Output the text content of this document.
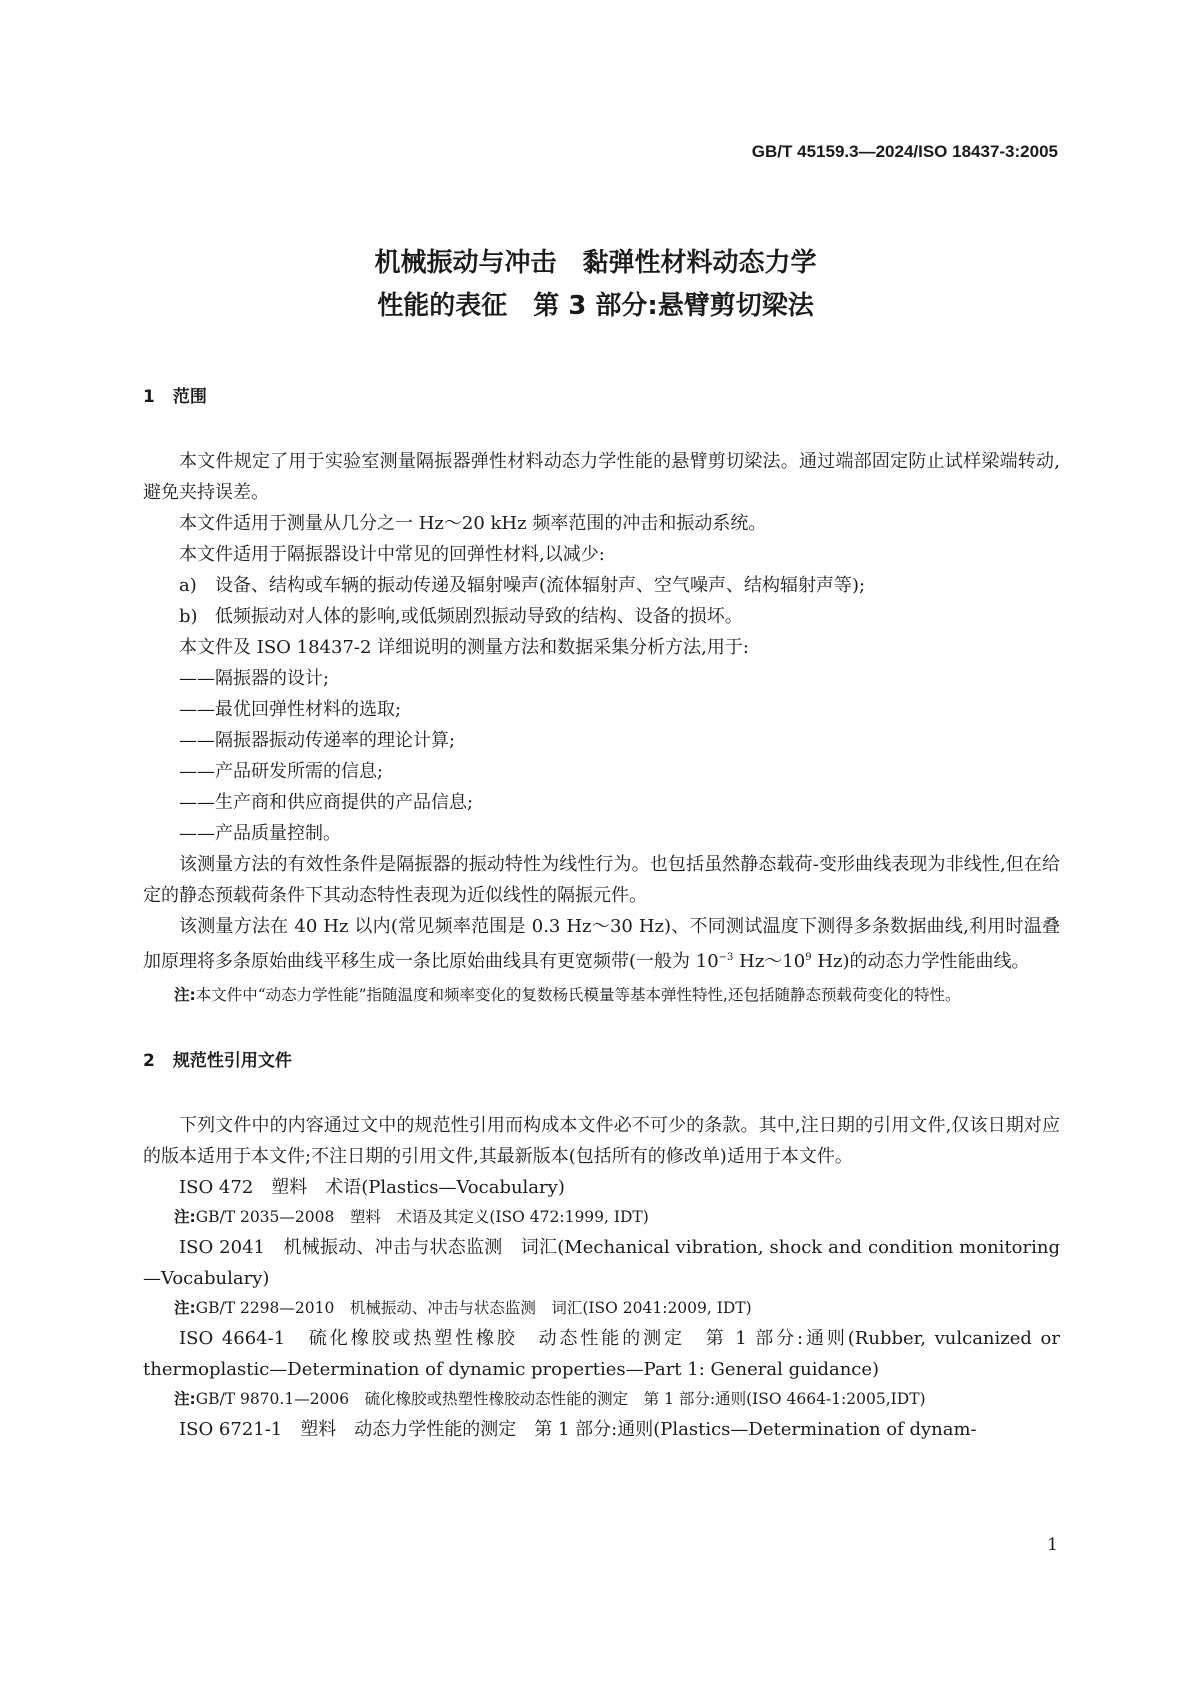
GB/T 45159.3—2024/ISO 18437-3:2005
机械振动与冲击　黏弹性材料动态力学
性能的表征　第 3 部分:悬臂剪切梁法
1 范围

本文件规定了用于实验室测量隔振器弹性材料动态力学性能的悬臂剪切梁法。通过端部固定防止试样梁端转动,避免夹持误差。

本文件适用于测量从几分之一 Hz～20 kHz 频率范围的冲击和振动系统。

本文件适用于隔振器设计中常见的回弹性材料,以减少:

a) 设备、结构或车辆的振动传递及辐射噪声(流体辐射声、空气噪声、结构辐射声等);

b) 低频振动对人体的影响,或低频剧烈振动导致的结构、设备的损坏。

本文件及 ISO 18437-2 详细说明的测量方法和数据采集分析方法,用于:

——隔振器的设计;

——最优回弹性材料的选取;

——隔振器振动传递率的理论计算;

——产品研发所需的信息;

——生产商和供应商提供的产品信息;

——产品质量控制。

该测量方法的有效性条件是隔振器的振动特性为线性行为。也包括虽然静态载荷-变形曲线表现为非线性,但在给定的静态预载荷条件下其动态特性表现为近似线性的隔振元件。

该测量方法在 40 Hz 以内(常见频率范围是 0.3 Hz～30 Hz)、不同测试温度下测得多条数据曲线,利用时温叠加原理将多条原始曲线平移生成一条比原始曲线具有更宽频带(一般为 $10^{-3}$ $Hz\sim 10^9$ Hz)的动态力学性能曲线。

注:本文件中“动态力学性能”指随温度和频率变化的复数杨氏模量等基本弹性特性,还包括随静态预载荷变化的特性。

2 规范性引用文件

下列文件中的内容通过文中的规范性引用而构成本文件必不可少的条款。其中,注日期的引用文件,仅该日期对应的版本适用于本文件;不注日期的引用文件,其最新版本(包括所有的修改单)适用于本文件。

ISO 472　塑料　术语(Plastics—Vocabulary)

注:GB/T 2035—2008　塑料　术语及其定义(ISO 472:1999, IDT)

ISO 2041　机械振动、冲击与状态监测　词汇(Mechanical vibration, shock and condition monitoring—Vocabulary)

注:GB/T 2298—2010　机械振动、冲击与状态监测　词汇(ISO 2041:2009, IDT)

ISO 4664-1　硫化橡胶或热塑性橡胶　动态性能的测定　第 1 部分:通则(Rubber, vulcanized or thermoplastic—Determination of dynamic properties—Part 1: General guidance)

注:GB/T 9870.1—2006　硫化橡胶或热塑性橡胶动态性能的测定　第 1 部分:通则(ISO 4664-1:2005,IDT)

ISO 6721-1　塑料　动态力学性能的测定　第 1 部分:通则(Plastics—Determination of dynam-

1
